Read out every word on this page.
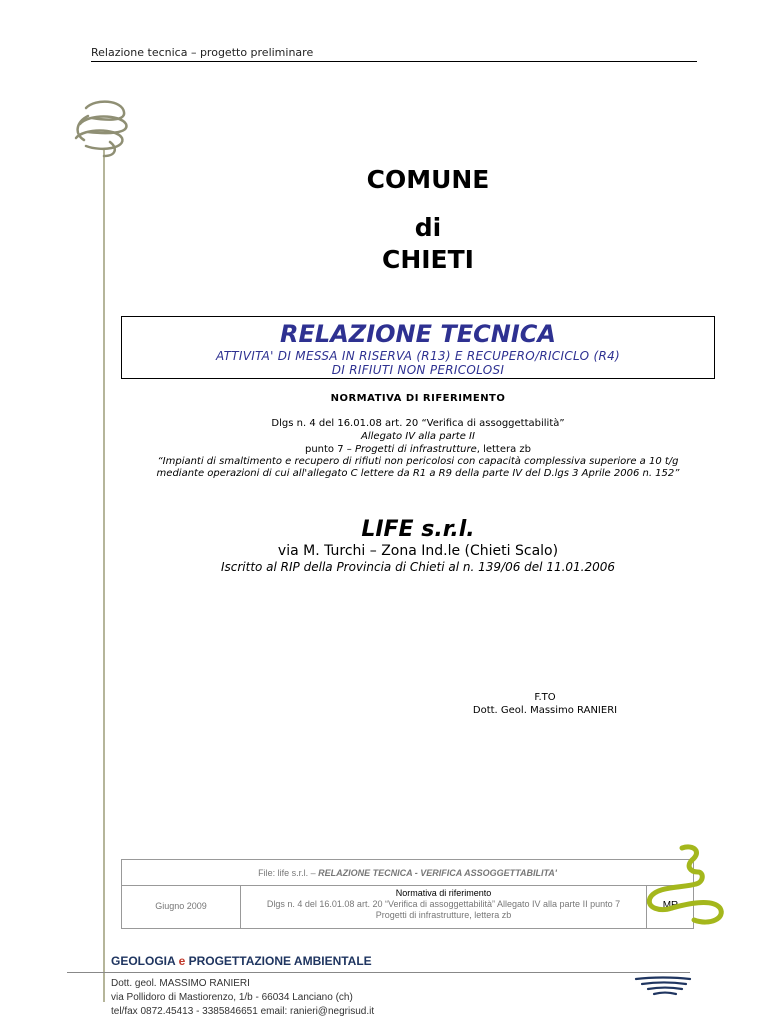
Relazione tecnica – progetto preliminare
COMUNE
di
CHIETI
RELAZIONE TECNICA
ATTIVITA' DI MESSA IN RISERVA (R13) E RECUPERO/RICICLO (R4)
DI RIFIUTI NON PERICOLOSI
NORMATIVA DI RIFERIMENTO
Dlgs n. 4 del 16.01.08 art. 20 “Verifica di assoggettabilità”
Allegato IV alla parte II
punto 7 – Progetti di infrastrutture, lettera zb
“Impianti di smaltimento e recupero di rifiuti non pericolosi con capacità complessiva superiore a 10 t/g
mediante operazioni di cui all'allegato C lettere da R1 a R9 della parte IV del D.lgs 3 Aprile 2006 n. 152”
LIFE s.r.l.
via M. Turchi – Zona Ind.le (Chieti Scalo)
Iscritto al RIP della Provincia di Chieti al n. 139/06 del 11.01.2006
F.TO
Dott. Geol. Massimo RANIERI
File: life s.r.l. – RELAZIONE TECNICA - VERIFICA ASSOGGETTABILITA'
Giugno 2009
Normativa di riferimento
Dlgs n. 4 del 16.01.08 art. 20 “Verifica di assoggettabilità” Allegato IV alla parte II punto 7
Progetti di infrastrutture, lettera zb
MR
GEOLOGIA e PROGETTAZIONE AMBIENTALE
Dott. geol. MASSIMO RANIERI
via Pollidoro di Mastiorenzo, 1/b - 66034 Lanciano (ch)
tel/fax 0872.45413 - 3385846651 email: ranieri@negrisud.it
